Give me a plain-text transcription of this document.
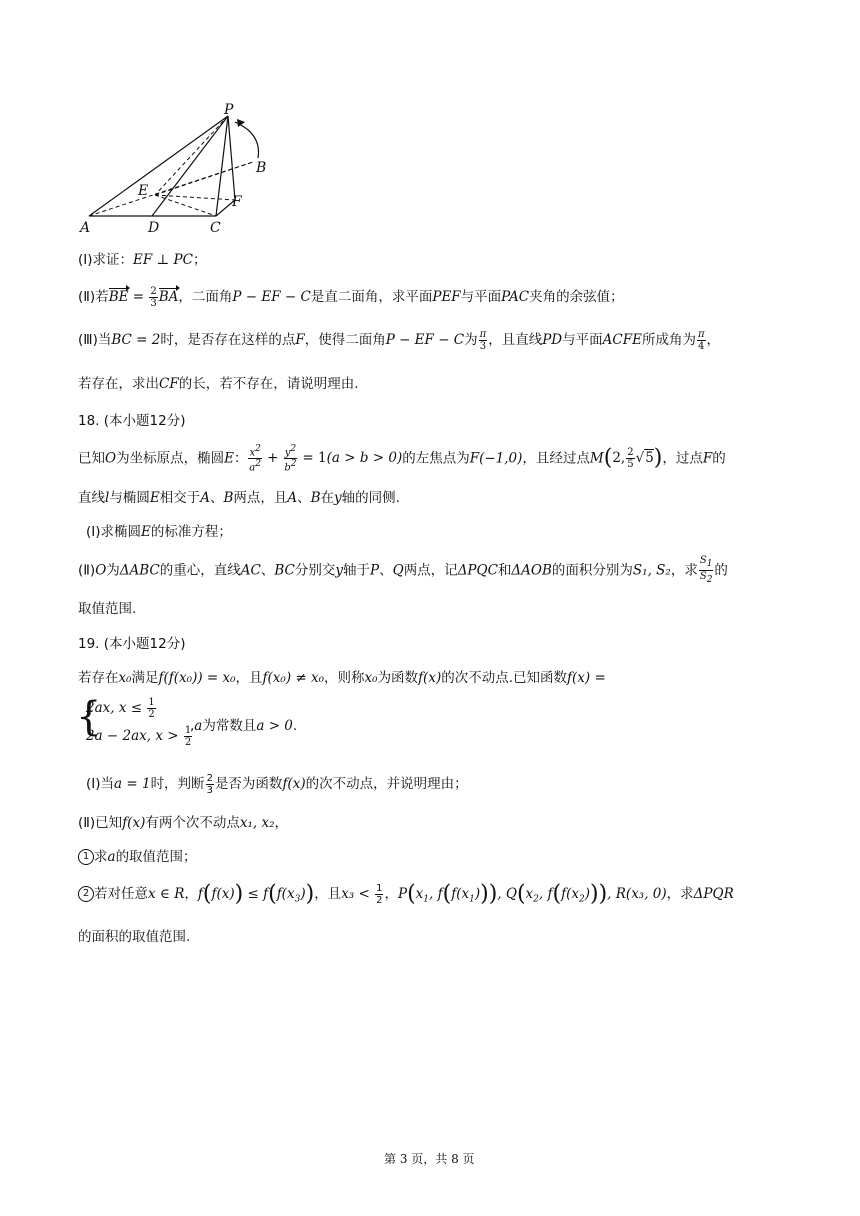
P
B
E
F
A	D	C
(Ⅰ)求证：EF ⊥ PC；
(Ⅱ)若BE = $\frac{2}{3}$ BA，二面角P − EF − C是直二面角，求平面PEF与平面PAC夹角的余弦值；
(Ⅲ)当BC = 2时，是否存在这样的点F，使得二面角P − EF − C为 $\frac{\pi}{3}$ ，且直线PD与平面ACFE所成角为 $\frac{\pi}{4}$ ，
若存在，求出CF的长，若不存在，请说明理由.
18. (本小题12分)
已知O为坐标原点，椭圆E： $\frac{x^2}{a^2} + \frac{y^2}{b^2} = 1(a > b > 0)$的左焦点为F(−1,0)，且经过点M(2, $\frac{2}{5} √5$)，过点F的
直线l与椭圆E相交于A、B两点，且A、B在y轴的同侧.
(Ⅰ)求椭圆E的标准方程；
(Ⅱ)O为ΔABC的重心，直线AC、BC分别交y轴于P、Q两点，记ΔPQC和ΔAOB的面积分别为S₁, S₂，求 $\frac{S_1}{S_2}$ 的
取值范围.
19. (本小题12分)
若存在x₀满足f(f(x₀)) = x₀，且f(x₀) ≠ x₀，则称x₀为函数f(x)的次不动点.已知函数f(x) =
{
2ax, $x \le \frac{1}{2}$
2a − 2ax, $x > \frac{1}{2}$
,a为常数且a > 0.
(Ⅰ)当a = 1时，判断 $\frac{2}{3}$ 是否为函数f(x)的次不动点，并说明理由；
(Ⅱ)已知f(x)有两个次不动点x₁, x₂，
1 求a的取值范围；
2 若对任意x ∈ R，$f(f(x)) \le f(f(x_3))$，且$x_3 < \frac{1}{2}$ ，$P(x_1$, $f(f(x_1))$), $Q(x_2$, $f(f(x_2))$), R(x₃, 0)，求ΔPQR
的面积的取值范围.
第 3 页，共 8 页
